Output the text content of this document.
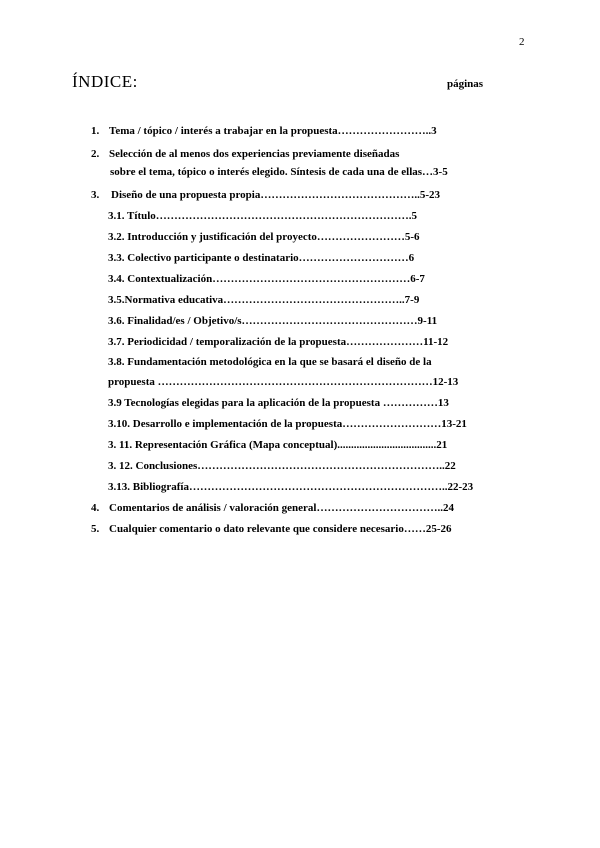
2
ÍNDICE:	páginas
1. Tema / tópico / interés a trabajar en la propuesta……………………..3
2. Selección de al menos dos experiencias previamente diseñadas
sobre el tema, tópico o interés elegido. Síntesis de cada una de ellas…3-5
3. Diseño de una propuesta propia……………………………………..5-23
3.1. Título…………………………………………………………….5
3.2. Introducción y justificación del proyecto……………………5-6
3.3. Colectivo participante o destinatario…………………………6
3.4. Contextualización………………………………………………6-7
3.5.Normativa educativa…………………………………………..7-9
3.6. Finalidad/es / Objetivo/s…………………………………………9-11
3.7. Periodicidad / temporalización de la propuesta…………………11-12
3.8. Fundamentación metodológica en la que se basará el diseño de la
propuesta …………………………………………………………………12-13
3.9 Tecnologías elegidas para la aplicación de la propuesta ……………13
3.10. Desarrollo e implementación de la propuesta………………………13-21
3. 11. Representación Gráfica (Mapa conceptual)....................................21
3. 12. Conclusiones…………………………………………………………..22
3.13. Bibliografía……………………………………………………………..22-23
4. Comentarios de análisis / valoración general……………………………..24
5. Cualquier comentario o dato relevante que considere necesario……25-26
